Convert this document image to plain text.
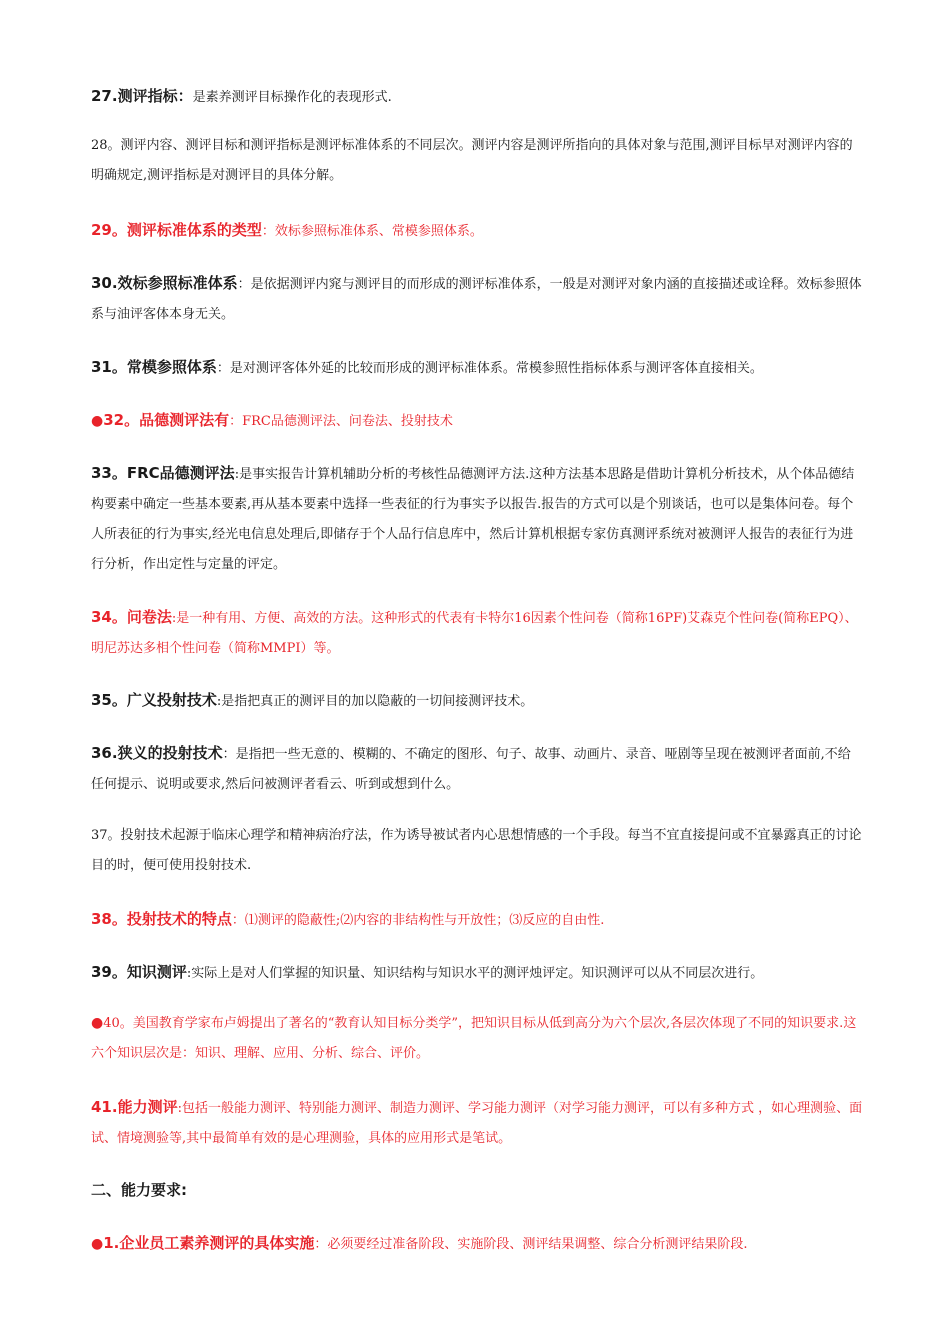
27.测评指标：是素养测评目标操作化的表现形式.
28。测评内容、测评目标和测评指标是测评标准体系的不同层次。测评内容是测评所指向的具体对象与范围,测评目标早对测评内容的明确规定,测评指标是对测评目的具体分解。
29。测评标准体系的类型：效标参照标准体系、常模参照体系。
30.效标参照标准体系：是依据测评内窕与测评目的而形成的测评标准体系，一般是对测评对象内涵的直接描述或诠释。效标参照体系与油评客体本身无关。
31。常模参照体系：是对测评客体外延的比较而形成的测评标准体系。常模参照性指标体系与测评客体直接相关。
●32。品德测评法有：FRC品德测评法、问卷法、投射技术
33。FRC品德测评法:是事实报告计算机辅助分析的考核性品德测评方法.这种方法基本思路是借助计算机分析技术，从个体品德结构要素中确定一些基本要素,再从基本要素中选择一些表征的行为事实予以报告.报告的方式可以是个别谈话，也可以是集体问卷。每个人所表征的行为事实,经光电信息处理后,即储存于个人品行信息库中，然后计算机根据专家仿真测评系统对被测评人报告的表征行为进行分析，作出定性与定量的评定。
34。问卷法:是一种有用、方便、高效的方法。这种形式的代表有卡特尔16因素个性问卷（简称16PF)艾森克个性问卷(简称EPQ）、明尼苏达多相个性问卷（简称MMPI）等。
35。广义投射技术:是指把真正的测评目的加以隐蔽的一切间接测评技术。
36.狭义的投射技术：是指把一些无意的、模糊的、不确定的图形、句子、故事、动画片、录音、哑剧等呈现在被测评者面前,不给任何提示、说明或要求,然后问被测评者看云、听到或想到什么。
37。投射技术起源于临床心理学和精神病治疗法，作为诱导被试者内心思想情感的一个手段。每当不宜直接提问或不宜暴露真正的讨论目的时，便可使用投射技术.
38。投射技术的特点：⑴测评的隐蔽性;⑵内容的非结构性与开放性；⑶反应的自由性.
39。知识测评:实际上是对人们掌握的知识量、知识结构与知识水平的测评烛评定。知识测评可以从不同层次进行。
●40。美国教育学家布卢姆提出了著名的“教育认知目标分类学”，把知识目标从低到高分为六个层次,各层次体现了不同的知识要求.这六个知识层次是：知识、理解、应用、分析、综合、评价。
41.能力测评:包括一般能力测评、特别能力测评、制造力测评、学习能力测评（对学习能力测评，可以有多种方式 ，如心理测验、面试、情境测验等,其中最简单有效的是心理测验，具体的应用形式是笔试。
二、能力要求:
●1.企业员工素养测评的具体实施：必须要经过准备阶段、实施阶段、测评结果调整、综合分析测评结果阶段.
